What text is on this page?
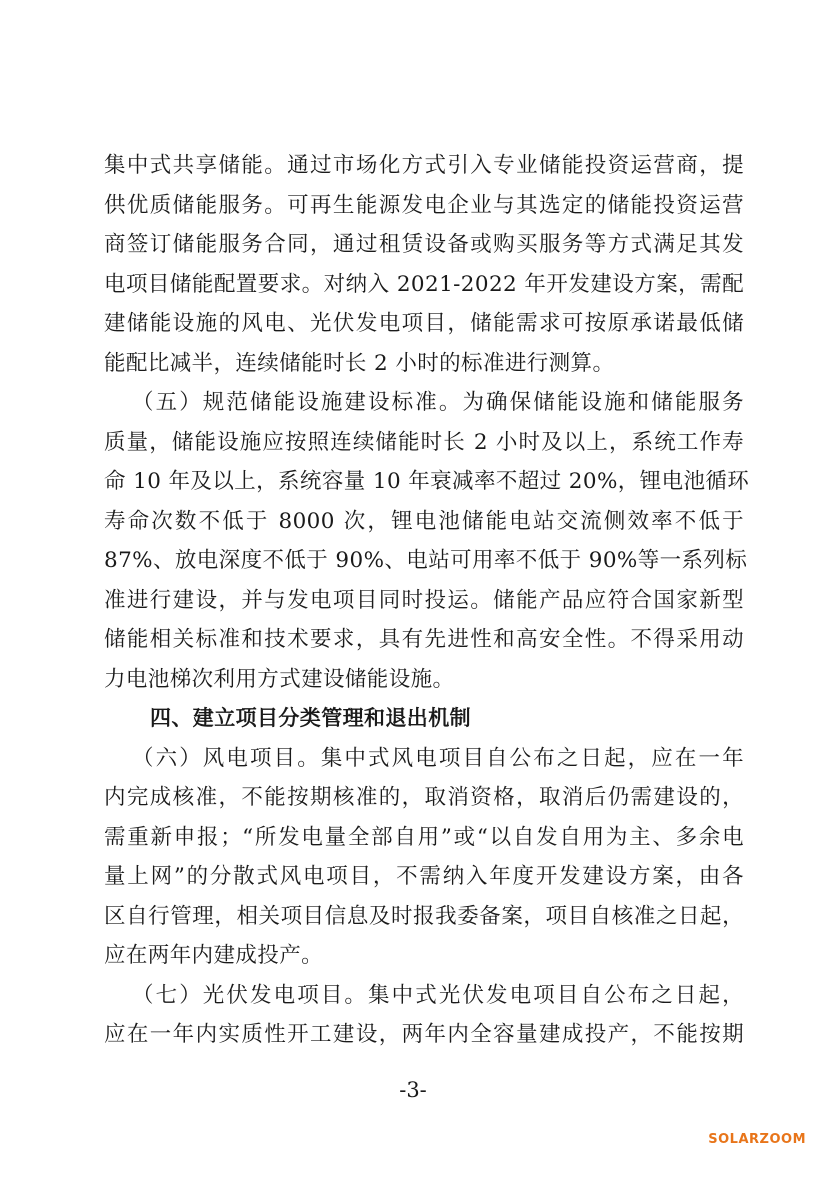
集中式共享储能。通过市场化方式引入专业储能投资运营商，提
供优质储能服务。可再生能源发电企业与其选定的储能投资运营
商签订储能服务合同，通过租赁设备或购买服务等方式满足其发
电项目储能配置要求。对纳入 2021-2022 年开发建设方案，需配
建储能设施的风电、光伏发电项目，储能需求可按原承诺最低储
能配比减半，连续储能时长 2 小时的标准进行测算。
（五）规范储能设施建设标准。为确保储能设施和储能服务
质量，储能设施应按照连续储能时长 2 小时及以上，系统工作寿
命 10 年及以上，系统容量 10 年衰减率不超过 20%，锂电池循环
寿命次数不低于 8000 次，锂电池储能电站交流侧效率不低于
87%、放电深度不低于 90%、电站可用率不低于 90%等一系列标
准进行建设，并与发电项目同时投运。储能产品应符合国家新型
储能相关标准和技术要求，具有先进性和高安全性。不得采用动
力电池梯次利用方式建设储能设施。
四、建立项目分类管理和退出机制
（六）风电项目。集中式风电项目自公布之日起，应在一年
内完成核准，不能按期核准的，取消资格，取消后仍需建设的，
需重新申报；“所发电量全部自用”或“以自发自用为主、多余电
量上网”的分散式风电项目，不需纳入年度开发建设方案，由各
区自行管理，相关项目信息及时报我委备案，项目自核准之日起，
应在两年内建成投产。
（七）光伏发电项目。集中式光伏发电项目自公布之日起，
应在一年内实质性开工建设，两年内全容量建成投产，不能按期
-3-
SOLARZOOM
